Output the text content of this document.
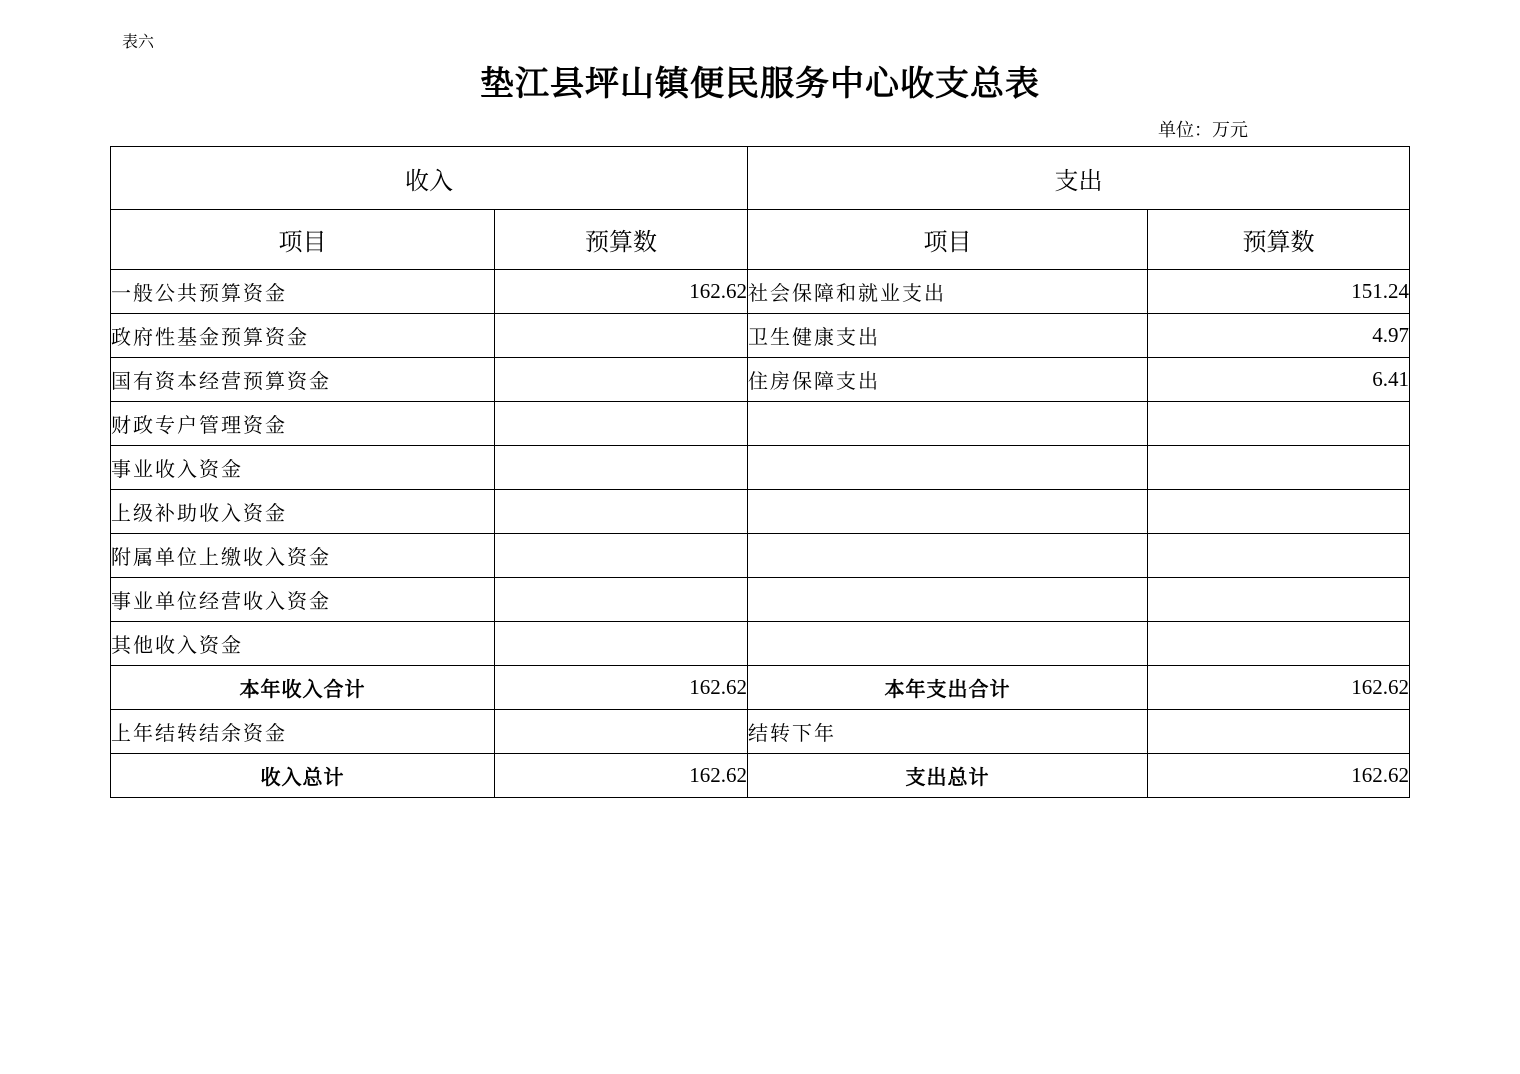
表六
垫江县坪山镇便民服务中心收支总表
单位：万元
收入		支出	
项目	预算数	项目	预算数
一般公共预算资金	162.62	社会保障和就业支出	151.24
政府性基金预算资金		卫生健康支出	4.97
国有资本经营预算资金		住房保障支出	6.41
财政专户管理资金			
事业收入资金			
上级补助收入资金			
附属单位上缴收入资金			
事业单位经营收入资金			
其他收入资金			
本年收入合计	162.62	本年支出合计	162.62
上年结转结余资金		结转下年	
收入总计	162.62	支出总计	162.62
